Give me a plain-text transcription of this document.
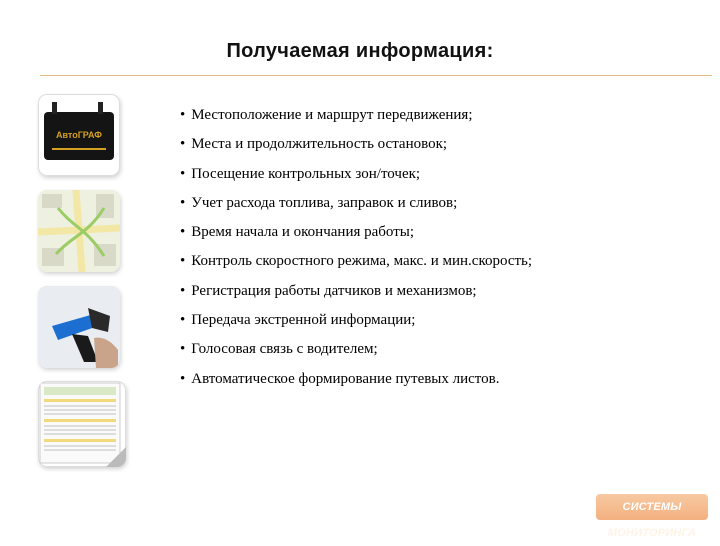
Получаемая информация:
АвтоГРАФ
• Местоположение и маршрут передвижения;
• Места и продолжительность остановок;
• Посещение контрольных зон/точек;
• Учет расхода топлива, заправок и сливов;
• Время начала и окончания работы;
• Контроль скоростного режима, макс. и мин.скорость;
• Регистрация работы датчиков и механизмов;
• Передача экстренной информации;
• Голосовая связь с водителем;
• Автоматическое формирование путевых листов.
СИСТЕМЫ МОНИТОРИНГА
